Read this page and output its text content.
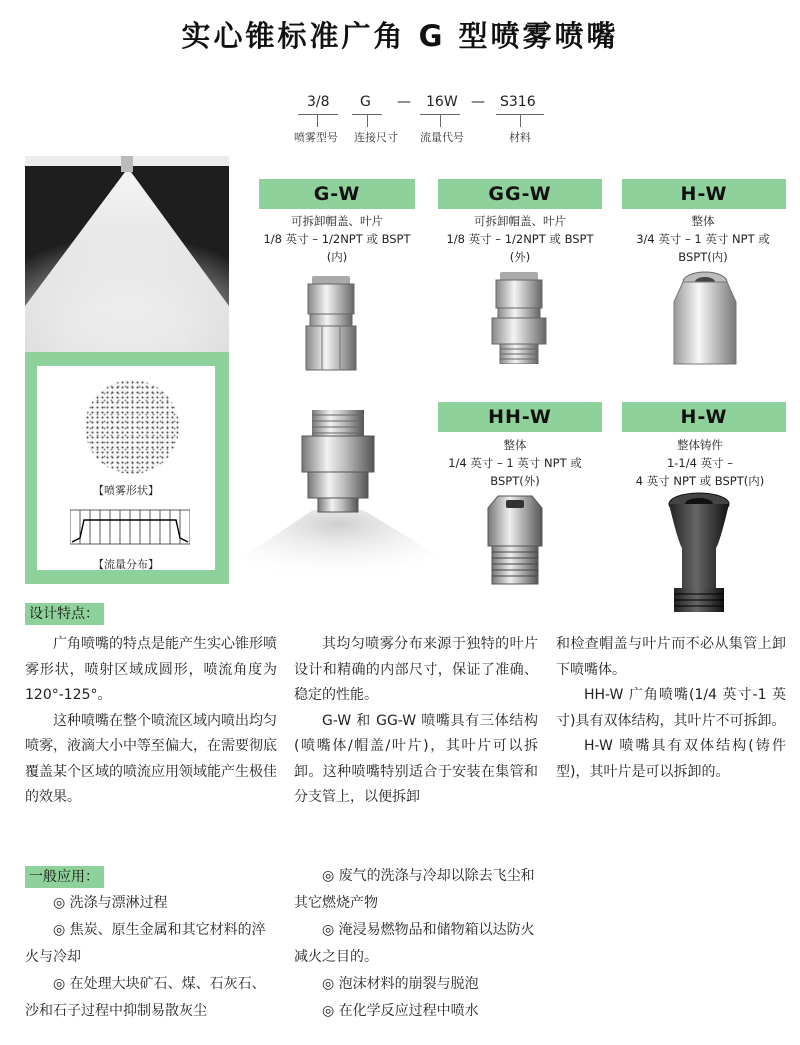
实心锥标准广角 G 型喷雾喷嘴
3/8 G — 16W — S316
喷雾型号 连接尺寸 流量代号	材料
【喷雾形状】
【流量分布】
G-W
可拆卸帽盖、叶片
1/8 英寸 – 1/2NPT 或 BSPT
(内)
GG-W
可拆卸帽盖、叶片
1/8 英寸 – 1/2NPT 或 BSPT
(外)
H-W
整体
3/4 英寸 – 1 英寸 NPT 或
BSPT(内)
HH-W
整体
1/4 英寸 – 1 英寸 NPT 或
BSPT(外)
H-W
整体铸件
1-1/4 英寸 –
4 英寸 NPT 或 BSPT(内)
设计特点：

广角喷嘴的特点是能产生实心锥形喷雾形状，喷射区域成圆形，喷流角度为 120°-125°。

这种喷嘴在整个喷流区域内喷出均匀喷雾，液滴大小中等至偏大，在需要彻底覆盖某个区域的喷流应用领域能产生极佳的效果。

其均匀喷雾分布来源于独特的叶片设计和精确的内部尺寸，保证了准确、稳定的性能。

G-W 和 GG-W 喷嘴具有三体结构(喷嘴体/帽盖/叶片)，其叶片可以拆卸。这种喷嘴特别适合于安装在集管和分支管上，以便拆卸

和检查帽盖与叶片而不必从集管上卸下喷嘴体。

HH-W 广角喷嘴(1/4 英寸-1 英寸)具有双体结构，其叶片不可拆卸。

H-W 喷嘴具有双体结构(铸件型)，其叶片是可以拆卸的。

一般应用：

◎ 洗涤与漂淋过程

◎ 焦炭、原生金属和其它材料的淬火与冷却

◎ 在处理大块矿石、煤、石灰石、沙和石子过程中抑制易散灰尘

◎ 废气的洗涤与冷却以除去飞尘和其它燃烧产物

◎ 淹浸易燃物品和储物箱以达防火减火之目的。

◎ 泡沫材料的崩裂与脱泡

◎ 在化学反应过程中喷水
